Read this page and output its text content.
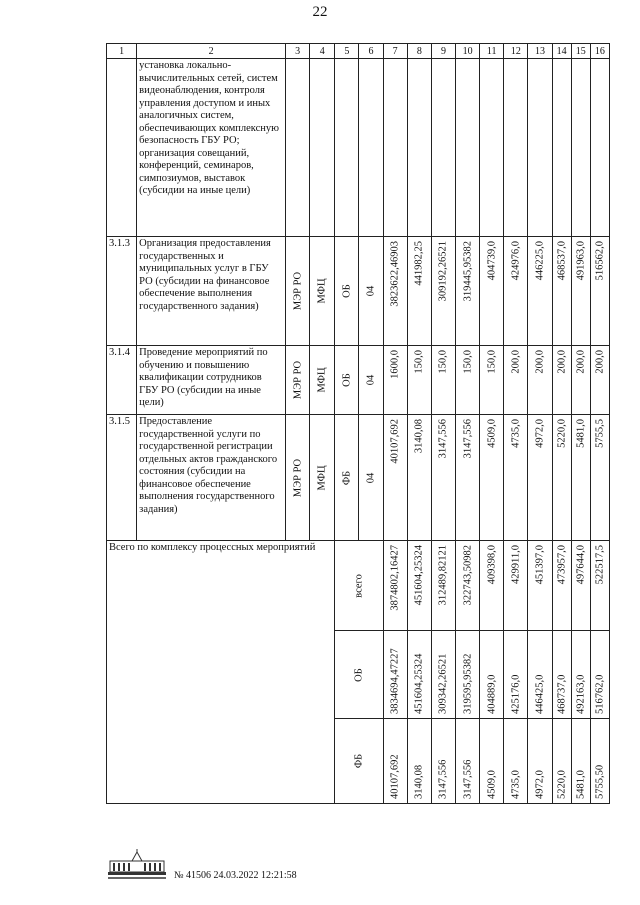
22
1	2	3	4	5	6	7	8	9	10	11	12	13	14	15	16
	установка локально-вычислительных сетей, систем видеонаблюдения, контроля управления доступом и иных аналогичных систем, обеспечивающих комплексную безопасность ГБУ РО; организация совещаний, конференций, семинаров, симпозиумов, выставок (субсидии на иные цели)														
3.1.3	Организация предоставления государственных и муниципальных услуг в ГБУ РО (субсидии на финансовое обеспечение выполнения государственного задания)	МЭР РО	МФЦ	ОБ	04	3823622,46903	441982,25	309192,26521	319445,95382	404739,0	424976,0	446225,0	468537,0	491963,0	516562,0

3.1.4	Проведение мероприятий по обучению и повышению квалификации сотрудников ГБУ РО (субсидии на иные цели)	МЭР РО	МФЦ	ОБ	04	1600,0	150,0	150,0	150,0	150,0	200,0	200,0	200,0	200,0	200,0

3.1.5	Предоставление государственной услуги по государственной регистрации отдельных актов гражданского состояния (субсидии на финансовое обеспечение выполнения государственного задания)	МЭР РО	МФЦ	ФБ	04	40107,692	3140,08	3147,556	3147,556	4509,0	4735,0	4972,0	5220,0	5481,0	5755,5

Всего по комплексу процессных мероприятий				всего		3874802,16427	451604,25324	312489,82121	322743,50982	409398,0	429911,0	451397,0	473957,0	497644,0	522517,5

				ОБ		3834694,47227	451604,25324	309342,26521	319595,95382	404889,0	425176,0	446425,0	468737,0	492163,0	516762,0

				ФБ		40107,692	3140,08	3147,556	3147,556	4509,0	4735,0	4972,0	5220,0	5481,0	5755,50
№ 41506 24.03.2022 12:21:58
